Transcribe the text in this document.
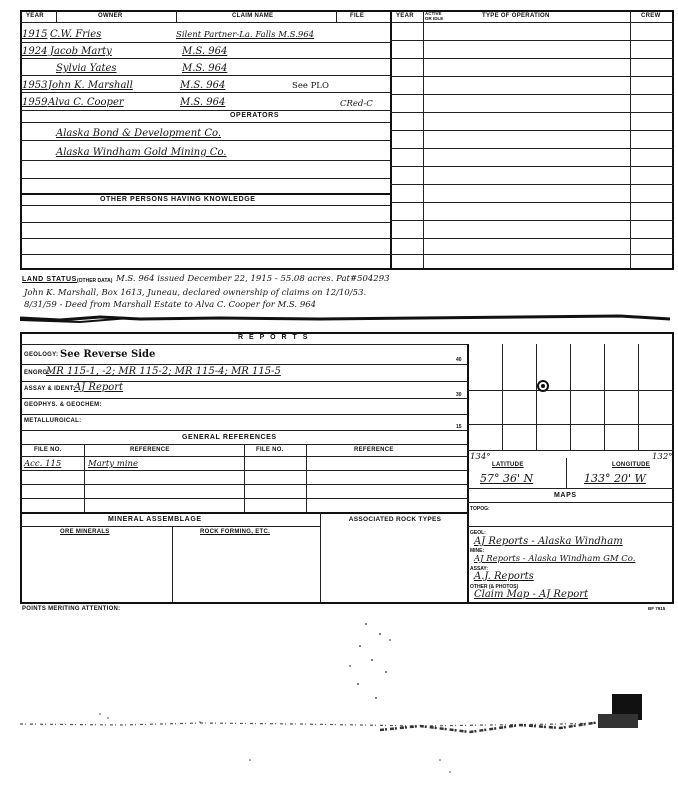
YEAR	OWNER	CLAIM NAME	FILE	YEAR ACTIVE OR IDLE	TYPE OF OPERATION	CREW
1915 C.W. Fries	Silent Partner-La. Falls M.S.964
1924 Jacob Marty	M.S. 964
Sylvia Yates	M.S. 964
1953 John K. Marshall	M.S. 964	See PLO
1959 Alva C. Cooper	M.S. 964	CRed-C
OPERATORS
Alaska Bond & Development Co.
Alaska Windham Gold Mining Co.
OTHER PERSONS HAVING KNOWLEDGE
LAND STATUS (OTHER DATA) M.S. 964 issued December 22, 1915 - 55.08 acres. Pat#504293
John K. Marshall, Box 1613, Juneau, declared ownership of claims on 12/10/53.
8/31/59 - Deed from Marshall Estate to Alva C. Cooper for M.S. 964
R E P O R T S
GEOLOGY: See Reverse Side	40
ENGRG:
MR 115-1, -2; MR 115-2; MR 115-4; MR 115-5
ASSAY & IDENT:
AJ Report
30
GEOPHYS. & GEOCHEM:
METALLURGICAL:
15
GENERAL REFERENCES
FILE NO.	REFERENCE	FILE NO.	REFERENCE
Acc. 115	Marty mine
MINERAL ASSEMBLAGE	ASSOCIATED ROCK TYPES
ORE MINERALS	ROCK FORMING, ETC.
POINTS MERITING ATTENTION:
134°	132°
LATITUDE	LONGITUDE
57° 36' N	133° 20' W
MAPS
TOPOG:
GEOL:
AJ Reports - Alaska Windham
MINE:
AJ Reports - Alaska Windham GM Co.
ASSAY:
A.J. Reports
OTHER (& PHOTOS)
Claim Map - AJ Report
BF 7915
